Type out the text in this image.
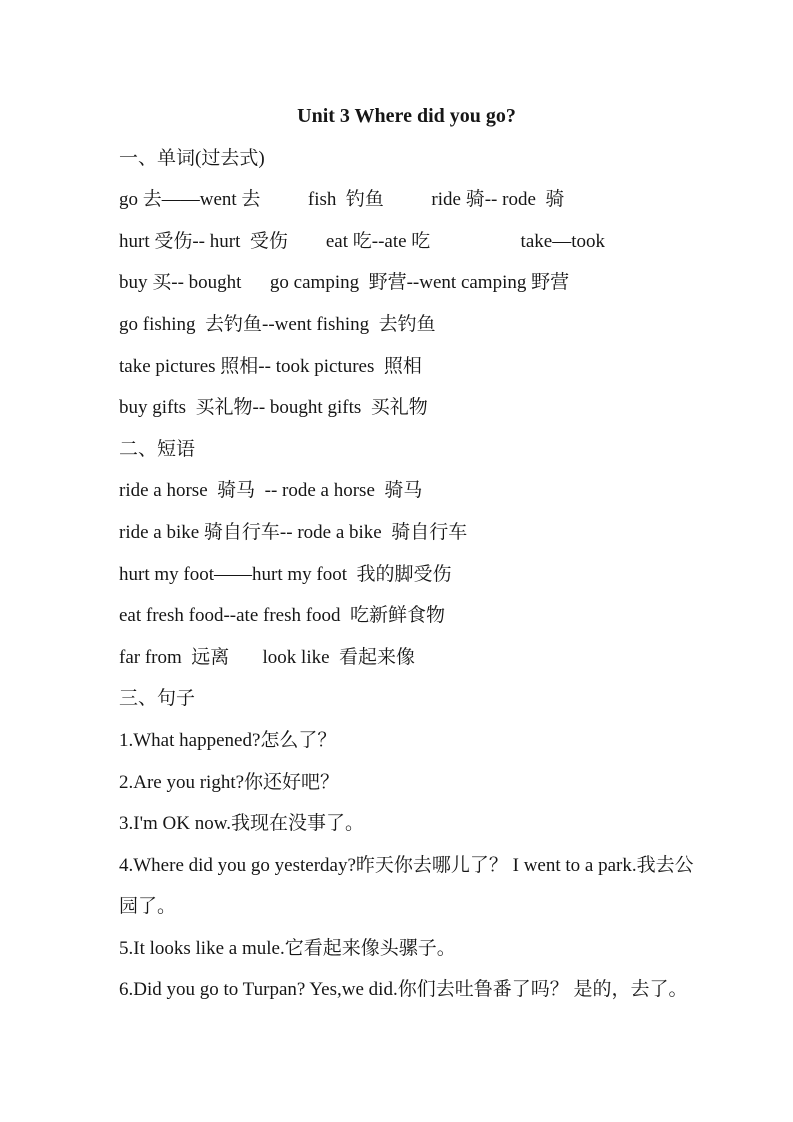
Unit 3 Where did you go?

一、单词(过去式)

go 去——went 去          fish  钓鱼          ride 骑-- rode  骑

hurt 受伤-- hurt  受伤        eat 吃--ate 吃                   take—took

buy 买-- bought      go camping  野营--went camping 野营

go fishing  去钓鱼--went fishing  去钓鱼

take pictures 照相-- took pictures  照相

buy gifts  买礼物-- bought gifts  买礼物

二、短语

ride a horse  骑马  -- rode a horse  骑马

ride a bike 骑自行车-- rode a bike  骑自行车

hurt my foot——hurt my foot  我的脚受伤

eat fresh food--ate fresh food  吃新鲜食物

far from  远离       look like  看起来像

三、句子

1.What happened?怎么了？

2.Are you right?你还好吧？

3.I'm OK now.我现在没事了。

4.Where did you go yesterday?昨天你去哪儿了？ I went to a park.我去公园了。

5.It looks like a mule.它看起来像头骡子。

6.Did you go to Turpan? Yes,we did.你们去吐鲁番了吗？ 是的，去了。
